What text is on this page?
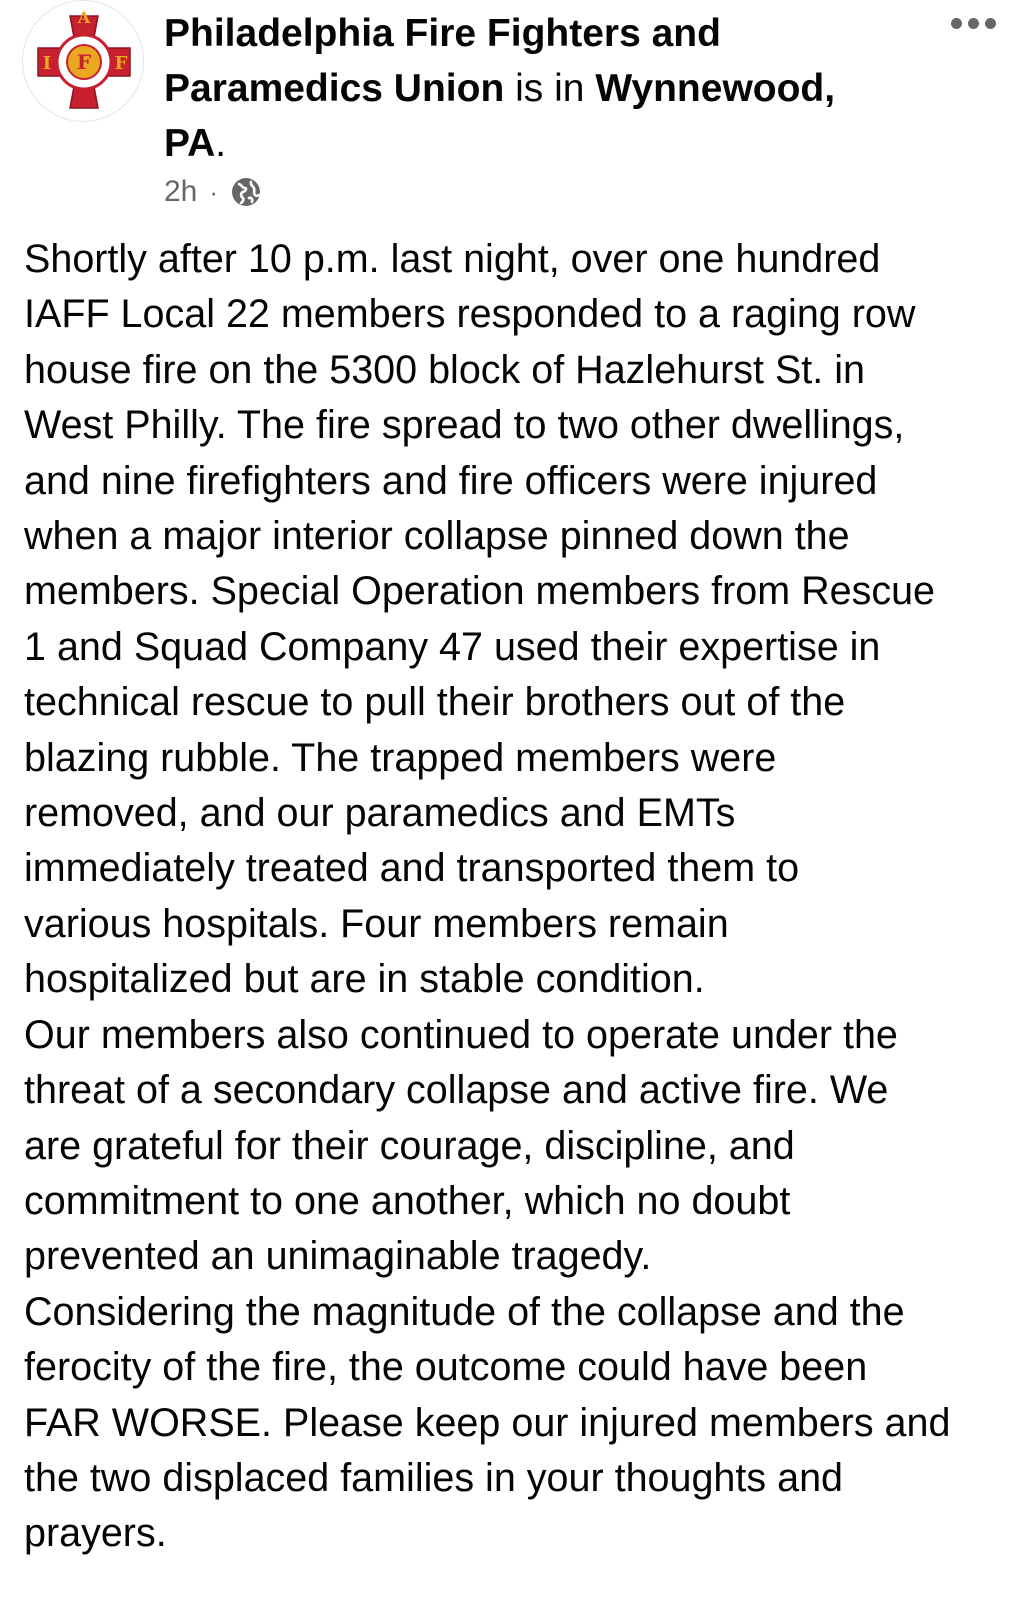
A
I F F
22
Philadelphia Fire Fighters and
Paramedics Union is in Wynnewood,
PA.
2h ·
Shortly after 10 p.m. last night, over one hundred
IAFF Local 22 members responded to a raging row
house fire on the 5300 block of Hazlehurst St. in
West Philly. The fire spread to two other dwellings,
and nine firefighters and fire officers were injured
when a major interior collapse pinned down the
members. Special Operation members from Rescue
1 and Squad Company 47 used their expertise in
technical rescue to pull their brothers out of the
blazing rubble. The trapped members were
removed, and our paramedics and EMTs
immediately treated and transported them to
various hospitals. Four members remain
hospitalized but are in stable condition.
Our members also continued to operate under the
threat of a secondary collapse and active fire. We
are grateful for their courage, discipline, and
commitment to one another, which no doubt
prevented an unimaginable tragedy.
Considering the magnitude of the collapse and the
ferocity of the fire, the outcome could have been
FAR WORSE. Please keep our injured members and
the two displaced families in your thoughts and
prayers.
